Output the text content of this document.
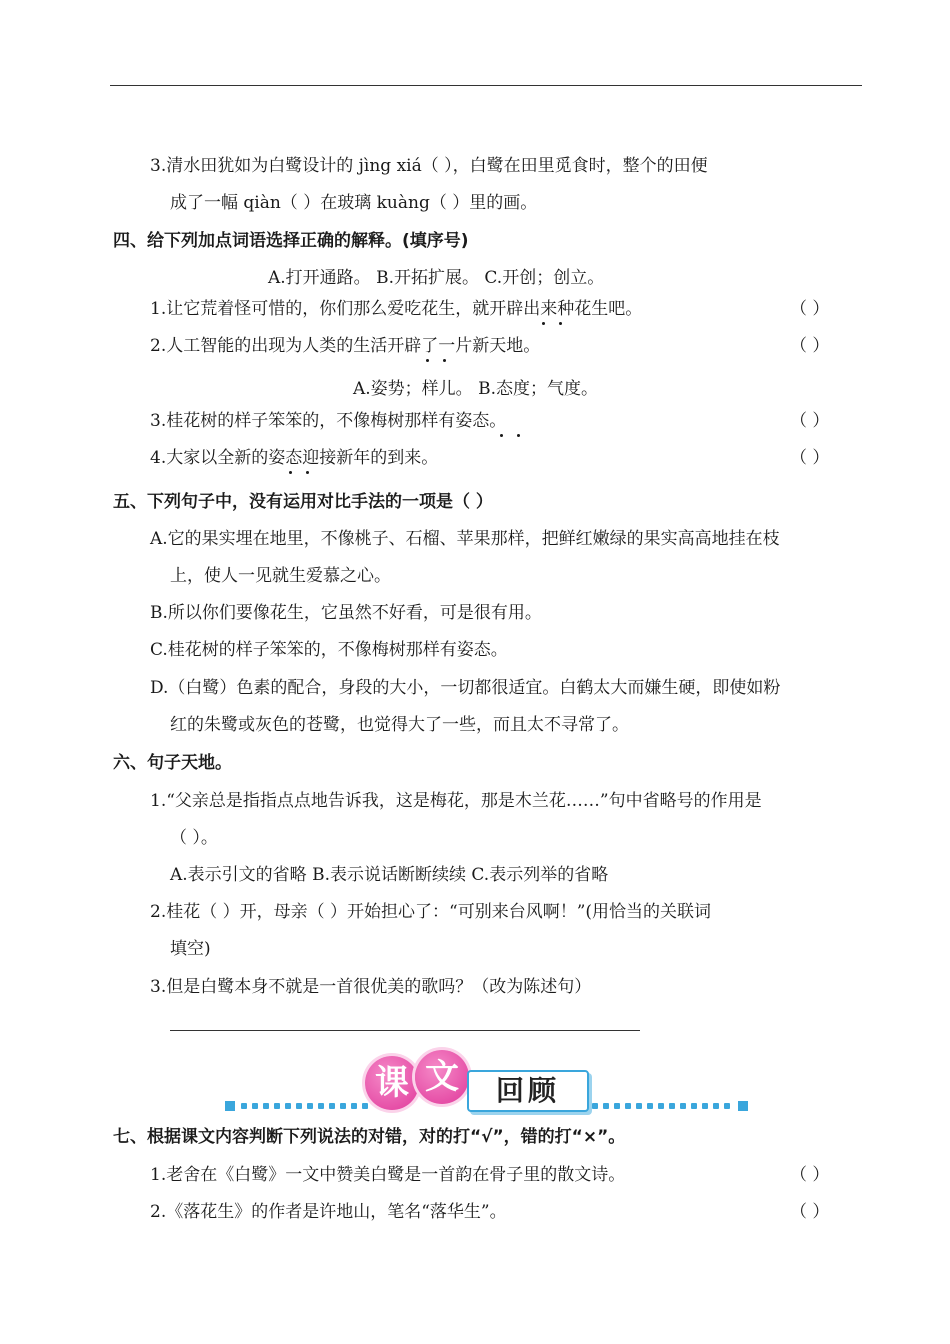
3.清水田犹如为白鹭设计的 jìng xiá（ ），白鹭在田里觅食时，整个的田便
成了一幅 qiàn（ ）在玻璃 kuàng（ ）里的画。
四、给下列加点词语选择正确的解释。(填序号)
A.打开通路。 B.开拓扩展。 C.开创；创立。
1.让它荒着怪可惜的，你们那么爱吃花生，就开辟出来种花生吧。	（ ）
2.人工智能的出现为人类的生活开辟了一片新天地。	（ ）
A.姿势；样儿。 B.态度；气度。
3.桂花树的样子笨笨的，不像梅树那样有姿态。	（ ）
4.大家以全新的姿态迎接新年的到来。	（ ）
五、下列句子中，没有运用对比手法的一项是（ ）
A.它的果实埋在地里，不像桃子、石榴、苹果那样，把鲜红嫩绿的果实高高地挂在枝
上，使人一见就生爱慕之心。
B.所以你们要像花生，它虽然不好看，可是很有用。
C.桂花树的样子笨笨的，不像梅树那样有姿态。
D.（白鹭）色素的配合，身段的大小，一切都很适宜。白鹤太大而嫌生硬，即使如粉
红的朱鹭或灰色的苍鹭，也觉得大了一些，而且太不寻常了。
六、句子天地。
1.“父亲总是指指点点地告诉我，这是梅花，那是木兰花……”句中省略号的作用是
（ ）。
A.表示引文的省略 B.表示说话断断续续 C.表示列举的省略
2.桂花（ ）开，母亲（ ）开始担心了：“可别来台风啊！”(用恰当的关联词
填空)
3.但是白鹭本身不就是一首很优美的歌吗？（改为陈述句）
课 文	回顾
七、根据课文内容判断下列说法的对错，对的打“√”，错的打“×”。
1.老舍在《白鹭》一文中赞美白鹭是一首韵在骨子里的散文诗。	（ ）
2.《落花生》的作者是许地山，笔名“落华生”。	（ ）
